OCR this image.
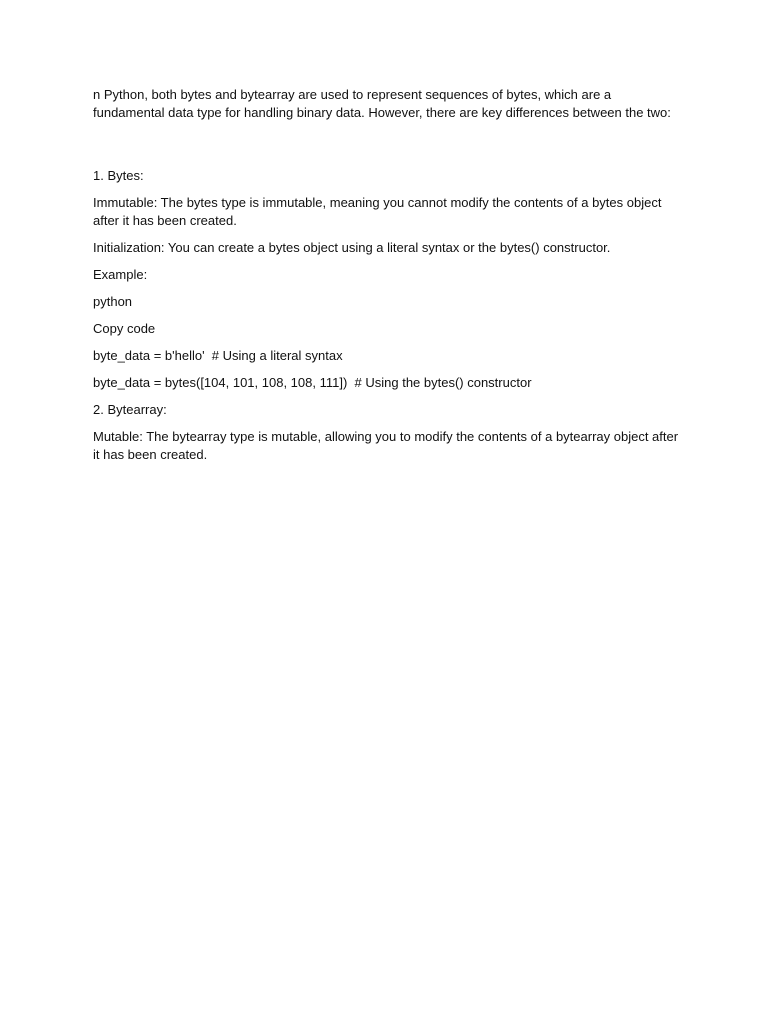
n Python, both bytes and bytearray are used to represent sequences of bytes, which are a fundamental data type for handling binary data. However, there are key differences between the two:

1. Bytes:

Immutable: The bytes type is immutable, meaning you cannot modify the contents of a bytes object after it has been created.

Initialization: You can create a bytes object using a literal syntax or the bytes() constructor.

Example:

python

Copy code

byte_data = b'hello'  # Using a literal syntax

byte_data = bytes([104, 101, 108, 108, 111])  # Using the bytes() constructor

2. Bytearray:

Mutable: The bytearray type is mutable, allowing you to modify the contents of a bytearray object after it has been created.
